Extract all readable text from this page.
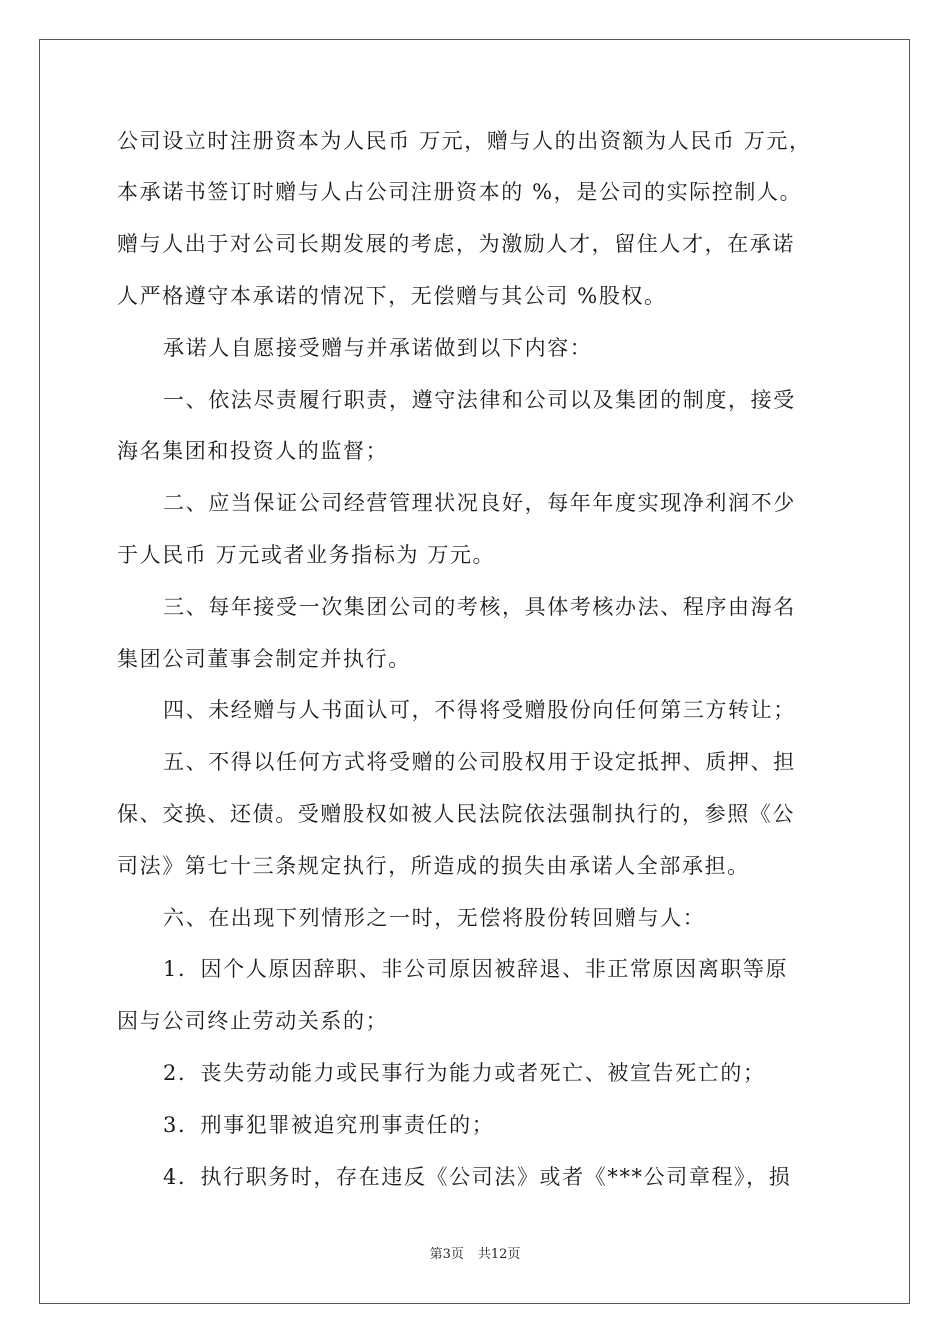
公司设立时注册资本为人民币 万元，赠与人的出资额为人民币 万元，
本承诺书签订时赠与人占公司注册资本的 %，是公司的实际控制人。
赠与人出于对公司长期发展的考虑，为激励人才，留住人才，在承诺
人严格遵守本承诺的情况下，无偿赠与其公司 %股权。
承诺人自愿接受赠与并承诺做到以下内容：
一、依法尽责履行职责，遵守法律和公司以及集团的制度，接受
海名集团和投资人的监督；
二、应当保证公司经营管理状况良好，每年年度实现净利润不少
于人民币 万元或者业务指标为 万元。
三、每年接受一次集团公司的考核，具体考核办法、程序由海名
集团公司董事会制定并执行。
四、未经赠与人书面认可，不得将受赠股份向任何第三方转让；
五、不得以任何方式将受赠的公司股权用于设定抵押、质押、担
保、交换、还债。受赠股权如被人民法院依法强制执行的，参照《公
司法》第七十三条规定执行，所造成的损失由承诺人全部承担。
六、在出现下列情形之一时，无偿将股份转回赠与人：
1．因个人原因辞职、非公司原因被辞退、非正常原因离职等原
因与公司终止劳动关系的；
2．丧失劳动能力或民事行为能力或者死亡、被宣告死亡的；
3．刑事犯罪被追究刑事责任的；
4．执行职务时，存在违反《公司法》或者《***公司章程》，损
第3页 共12页
